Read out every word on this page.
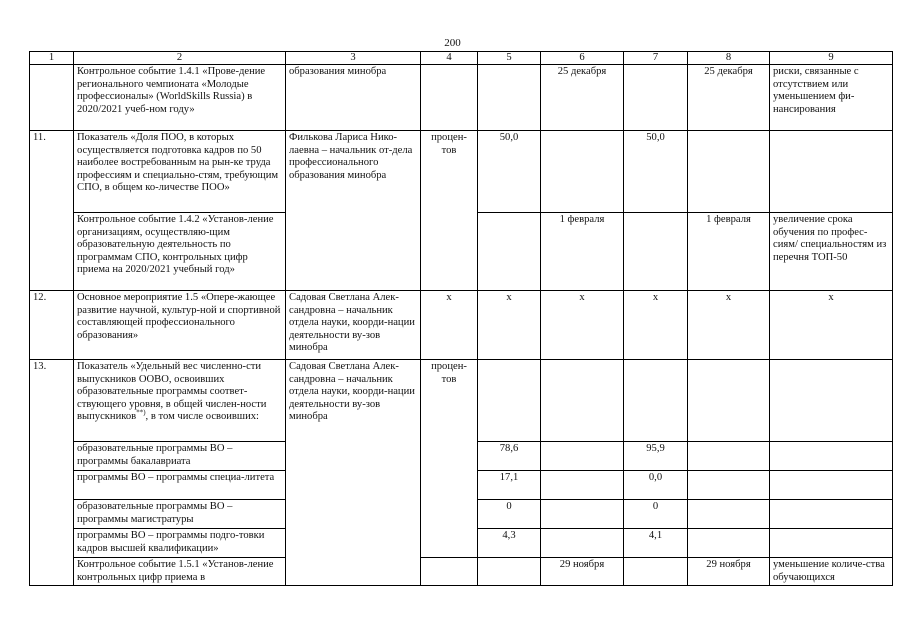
200
1	2	3	4	5	6	7	8	9
	Контрольное событие 1.4.1 «Прове-дение регионального чемпионата «Молодые профессионалы» (WorldSkills Russia) в 2020/2021 учеб-ном году»	образования минобра			25 декабря		25 декабря	риски, связанные с отсутствием или уменьшением фи-нансирования
11.	Показатель «Доля ПОО, в которых осуществляется подготовка кадров по 50 наиболее востребованным на рын-ке труда профессиям и специально-стям, требующим СПО, в общем ко-личестве ПОО»	Филькова Лариса Нико-лаевна – начальник от-дела профессионального образования минобра	процен-тов	50,0		50,0		
	Контрольное событие 1.4.2 «Установ-ление организациям, осуществляю-щим образовательную деятельность по программам СПО, контрольных цифр приема на 2020/2021 учебный год»				1 февраля		1 февраля	увеличение срока обучения по профес-сиям/ специальностям из перечня ТОП-50
12.	Основное мероприятие 1.5 «Опере-жающее развитие научной, культур-ной и спортивной составляющей профессионального образования»	Садовая Светлана Алек-сандровна – начальник отдела науки, коорди-нации деятельности ву-зов минобра	х	х	х	х	х	х
13.	Показатель «Удельный вес численно-сти выпускников ООВО, освоивших образовательные программы соответ-ствующего уровня, в общей числен-ности выпускников**), в том числе освоивших:	Садовая Светлана Алек-сандровна – начальник отдела науки, коорди-нации деятельности ву-зов минобра	процен-тов					
	образовательные программы ВО – программы бакалавриата			78,6		95,9		
	программы ВО – программы специа-литета			17,1		0,0		
	образовательные программы ВО – программы магистратуры			0		0		
	программы ВО – программы подго-товки кадров высшей квалификации»			4,3		4,1		
	Контрольное событие 1.5.1 «Установ-ление контрольных цифр приема в				29 ноября		29 ноября	уменьшение количе-ства обучающихся
